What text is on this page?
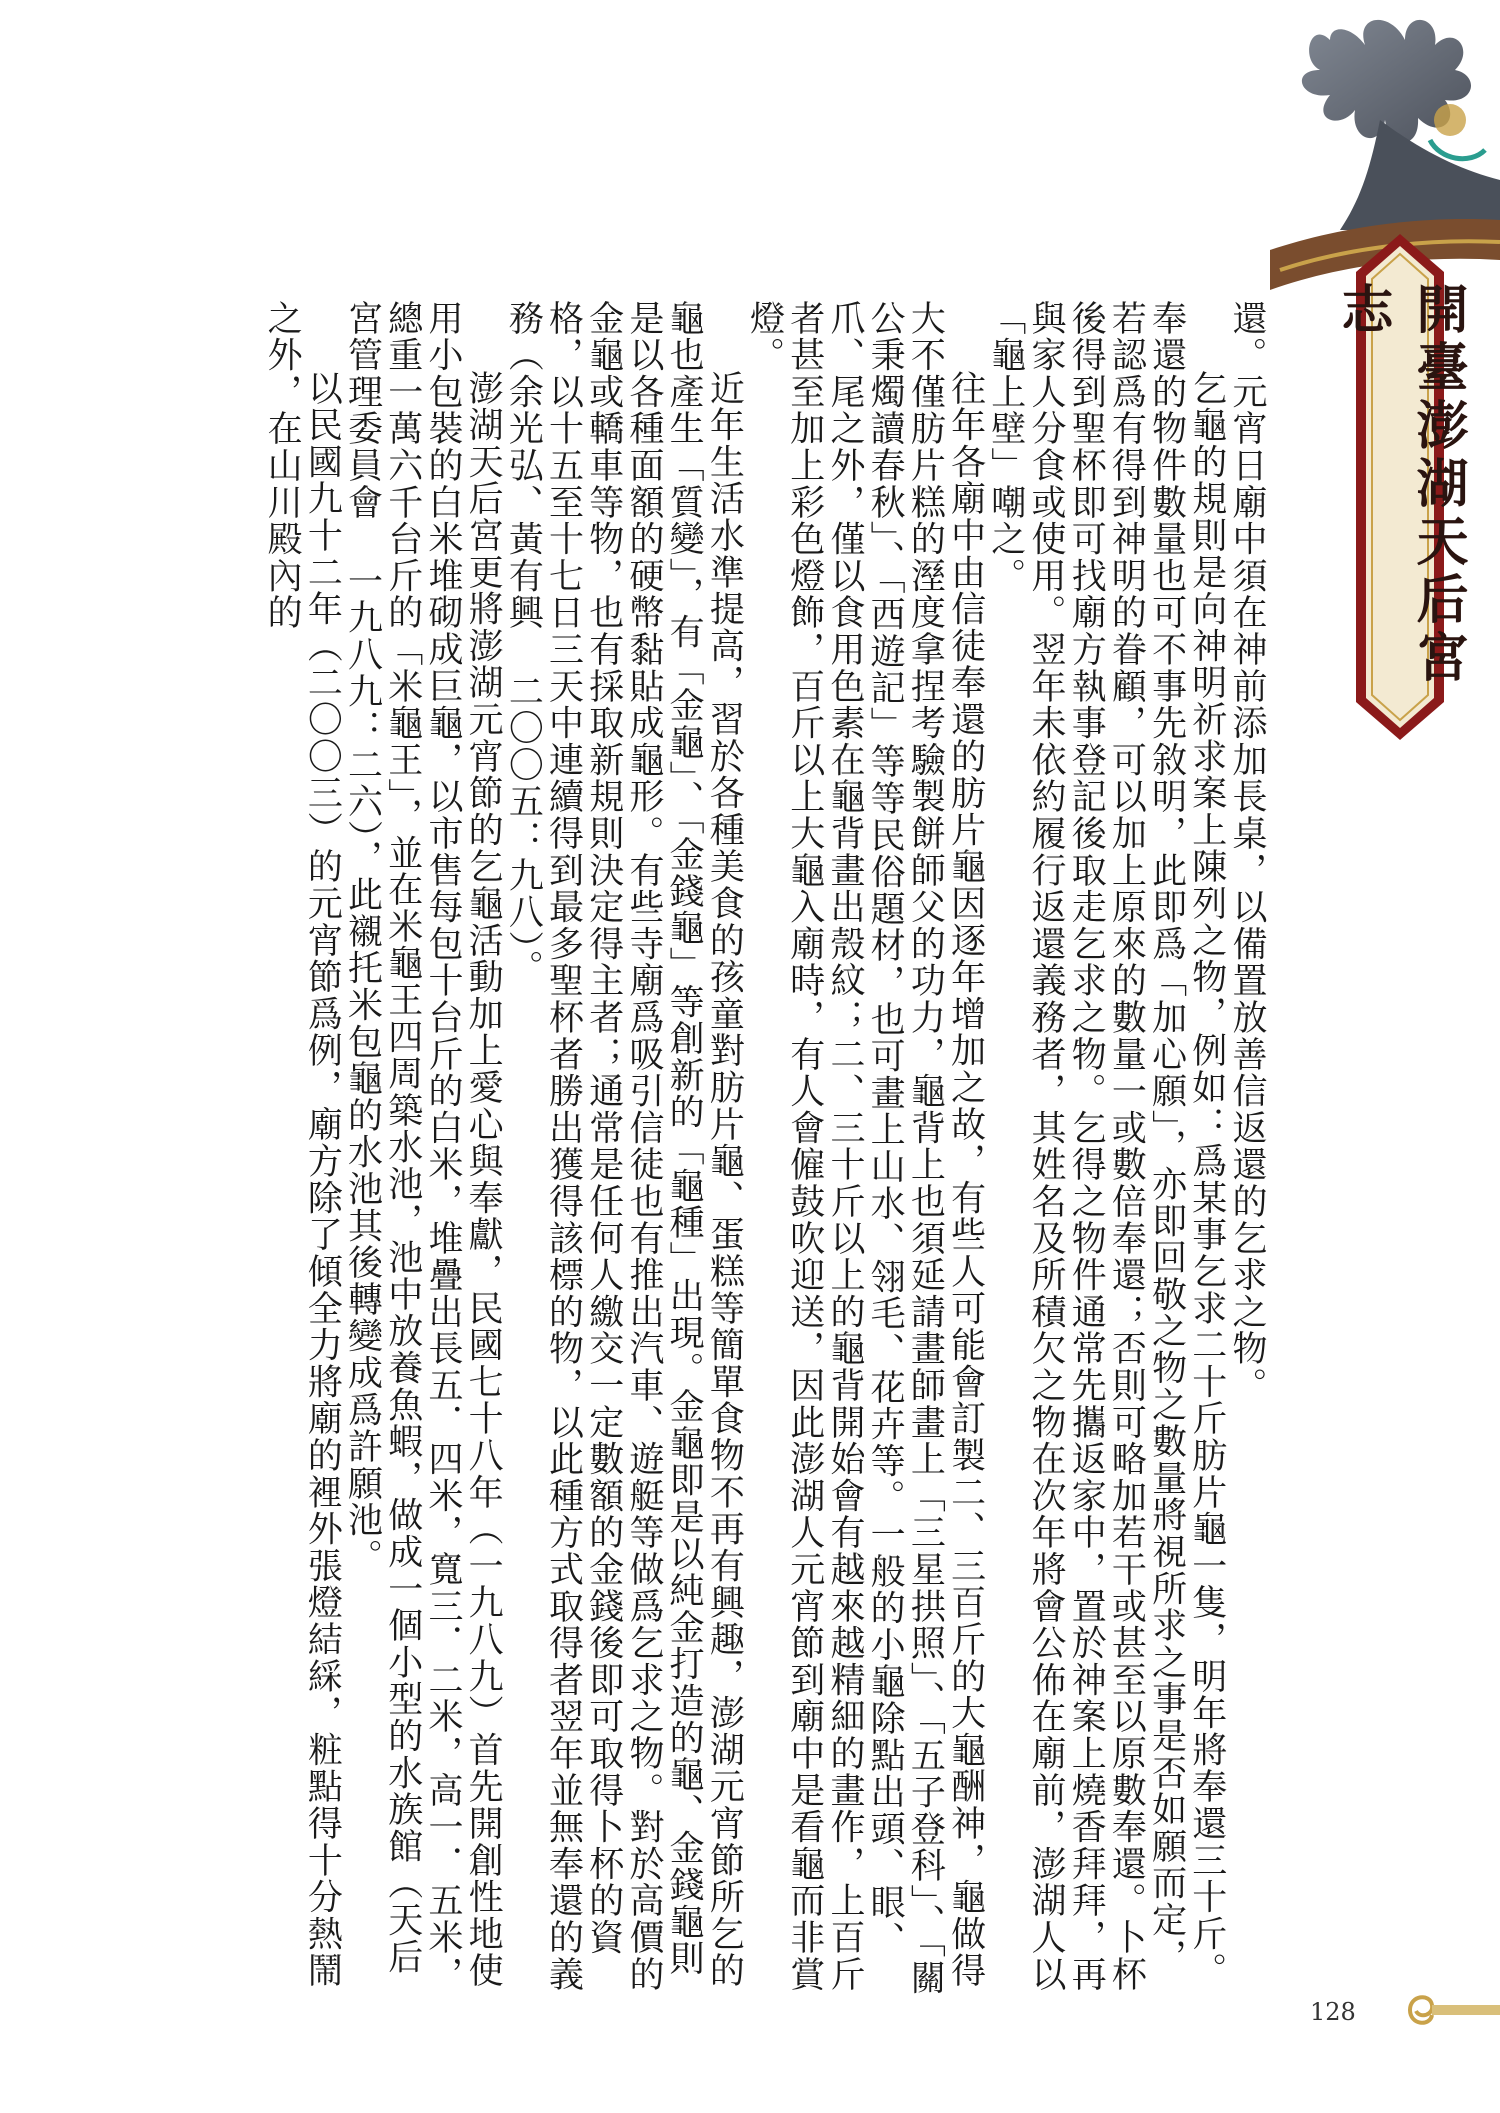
開臺澎湖天后宮志

還。元宵日廟中須在神前添加長桌，以備置放善信返還的乞求之物。

乞龜的規則是向神明祈求案上陳列之物，例如：爲某事乞求二十斤肪片龜一隻，明年將奉還三十斤。奉還的物件數量也可不事先敘明，此即爲「加心願」，亦即回敬之物之數量將視所求之事是否如願而定，若認爲有得到神明的眷顧，可以加上原來的數量一或數倍奉還；否則可略加若干或甚至以原數奉還。卜杯後得到聖杯即可找廟方執事登記後取走乞求之物。乞得之物件通常先攜返家中，置於神案上燒香拜拜，再與家人分食或使用。翌年未依約履行返還義務者，其姓名及所積欠之物在次年將會公佈在廟前，澎湖人以「龜上壁」嘲之。

往年各廟中由信徒奉還的肪片龜因逐年增加之故，有些人可能會訂製二、三百斤的大龜酬神，龜做得大不僅肪片糕的溼度拿捏考驗製餅師父的功力，龜背上也須延請畫師畫上「三星拱照」、「五子登科」、「關公秉燭讀春秋」、「西遊記」等等民俗題材，也可畫上山水、翎毛、花卉等。一般的小龜除點出頭、眼、爪、尾之外，僅以食用色素在龜背畫出殼紋；二、三十斤以上的龜背開始會有越來越精細的畫作，上百斤者甚至加上彩色燈飾，百斤以上大龜入廟時，有人會僱鼓吹迎送，因此澎湖人元宵節到廟中是看龜而非賞燈。

近年生活水準提高，習於各種美食的孩童對肪片龜、蛋糕等簡單食物不再有興趣，澎湖元宵節所乞的龜也產生「質變」，有「金龜」、「金錢龜」等創新的「龜種」出現。金龜即是以純金打造的龜、金錢龜則是以各種面額的硬幣黏貼成龜形。有些寺廟爲吸引信徒也有推出汽車、遊艇等做爲乞求之物。對於高價的金龜或轎車等物，也有採取新規則決定得主者；通常是任何人繳交一定數額的金錢後即可取得卜杯的資格，以十五至十七日三天中連續得到最多聖杯者勝出獲得該標的物，以此種方式取得者翌年並無奉還的義務（余光弘、黃有興 二〇〇五：九八）。

澎湖天后宮更將澎湖元宵節的乞龜活動加上愛心與奉獻，民國七十八年（一九八九）首先開創性地使用小包裝的白米堆砌成巨龜，以市售每包十台斤的白米，堆疊出長五．四米，寬三．二米，高一．五米，總重一萬六千台斤的「米龜王」，並在米龜王四周築水池，池中放養魚蝦，做成一個小型的水族館（天后宮管理委員會 一九八九：二六），此襯托米包龜的水池其後轉變成爲許願池。

以民國九十二年（二〇〇三）的元宵節爲例，廟方除了傾全力將廟的裡外張燈結綵，粧點得十分熱鬧之外，在山川殿內的

128
